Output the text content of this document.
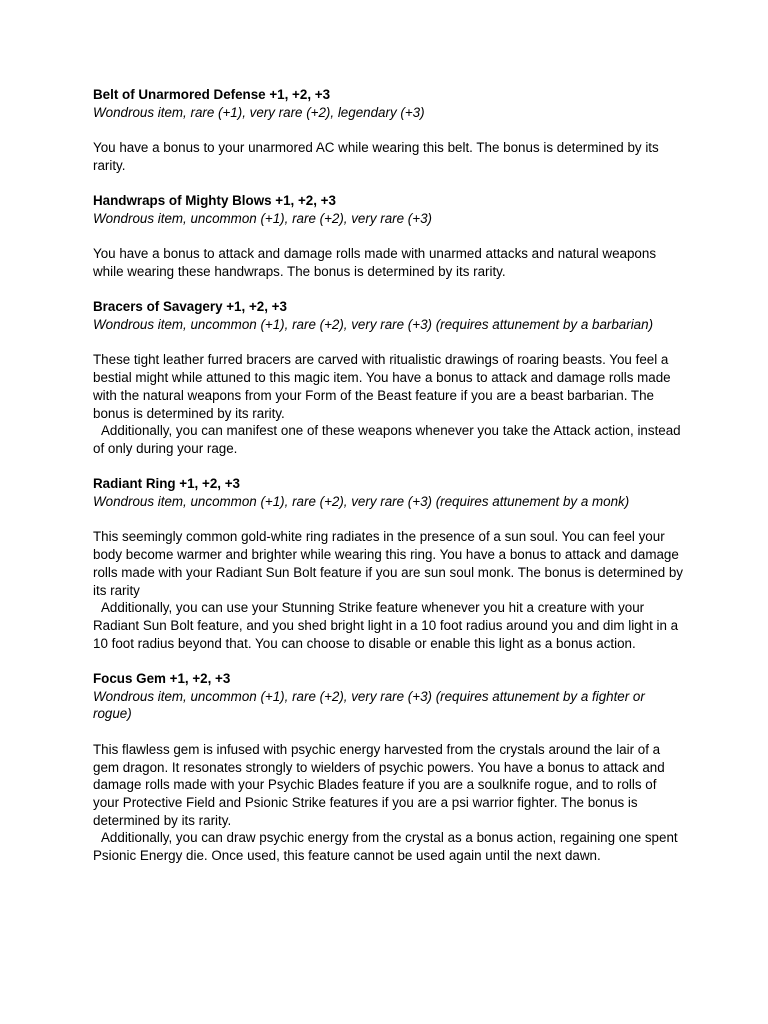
Belt of Unarmored Defense +1, +2, +3

Wondrous item, rare (+1), very rare (+2), legendary (+3)

You have a bonus to your unarmored AC while wearing this belt. The bonus is determined by its rarity.

Handwraps of Mighty Blows +1, +2, +3

Wondrous item, uncommon (+1), rare (+2), very rare (+3)

You have a bonus to attack and damage rolls made with unarmed attacks and natural weapons while wearing these handwraps. The bonus is determined by its rarity.

Bracers of Savagery +1, +2, +3

Wondrous item, uncommon (+1), rare (+2), very rare (+3) (requires attunement by a barbarian)

These tight leather furred bracers are carved with ritualistic drawings of roaring beasts. You feel a bestial might while attuned to this magic item. You have a bonus to attack and damage rolls made with the natural weapons from your Form of the Beast feature if you are a beast barbarian. The bonus is determined by its rarity.

Additionally, you can manifest one of these weapons whenever you take the Attack action, instead of only during your rage.

Radiant Ring +1, +2, +3

Wondrous item, uncommon (+1), rare (+2), very rare (+3) (requires attunement by a monk)

This seemingly common gold-white ring radiates in the presence of a sun soul. You can feel your body become warmer and brighter while wearing this ring. You have a bonus to attack and damage rolls made with your Radiant Sun Bolt feature if you are sun soul monk. The bonus is determined by its rarity

Additionally, you can use your Stunning Strike feature whenever you hit a creature with your Radiant Sun Bolt feature, and you shed bright light in a 10 foot radius around you and dim light in a 10 foot radius beyond that. You can choose to disable or enable this light as a bonus action.

Focus Gem +1, +2, +3

Wondrous item, uncommon (+1), rare (+2), very rare (+3) (requires attunement by a fighter or rogue)

This flawless gem is infused with psychic energy harvested from the crystals around the lair of a gem dragon. It resonates strongly to wielders of psychic powers. You have a bonus to attack and damage rolls made with your Psychic Blades feature if you are a soulknife rogue, and to rolls of your Protective Field and Psionic Strike features if you are a psi warrior fighter. The bonus is determined by its rarity.

Additionally, you can draw psychic energy from the crystal as a bonus action, regaining one spent Psionic Energy die. Once used, this feature cannot be used again until the next dawn.
